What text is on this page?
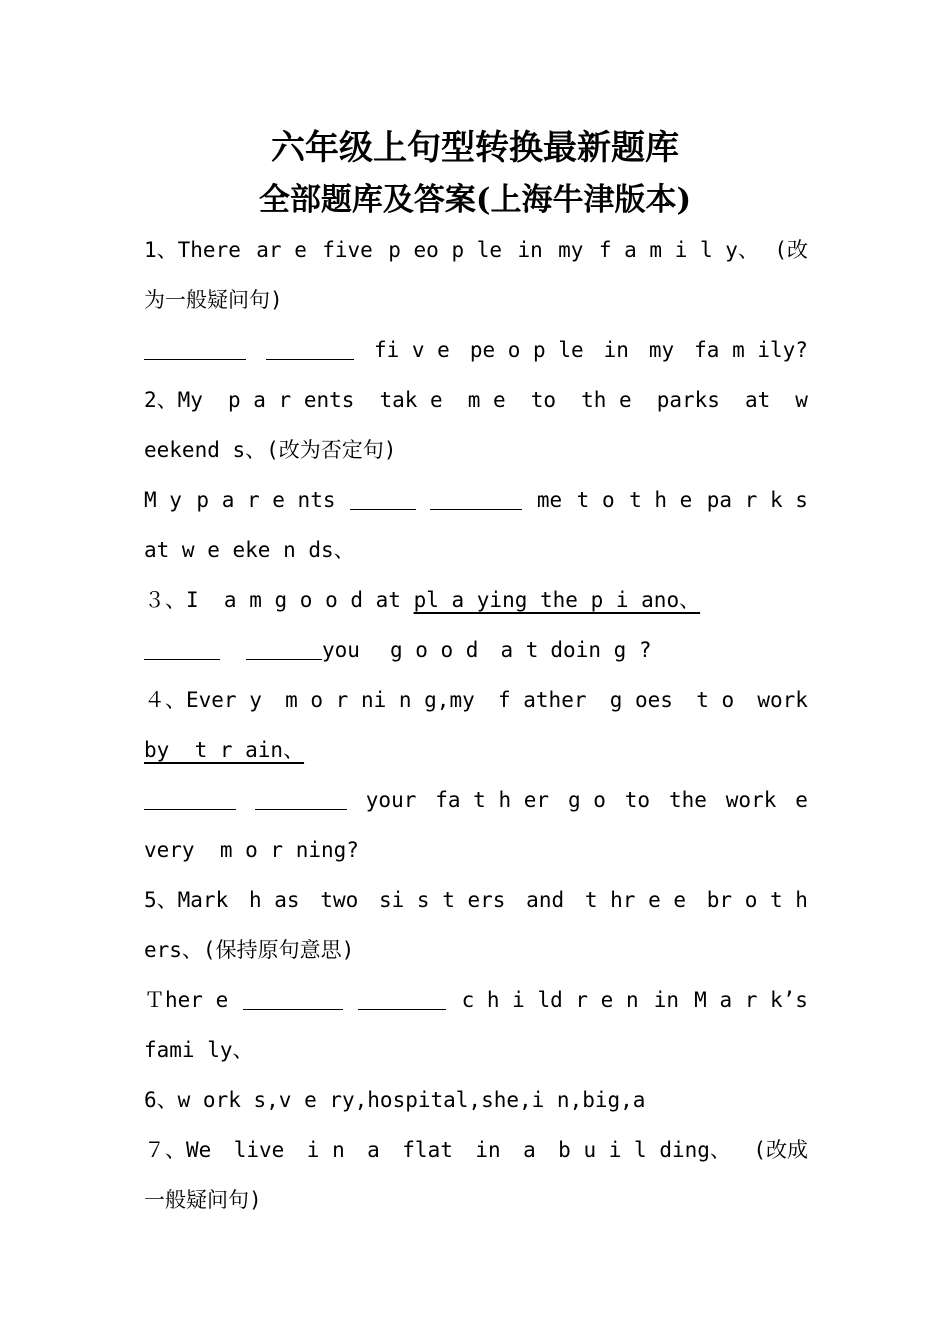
六年级上句型转换最新题库
全部题库及答案(上海牛津版本)
1、There ar e five p eo p le in my f a m i l y、 (改
为一般疑问句)
fi v e pe o p le in my fa m ily?
2、My p a r ents tak e m e to th e parks at w
eekend s、(改为否定句)
M y p a r e nts	me t o t h e pa r k s
at w e eke n ds、
３、I  a m g o o d at pl a ying the p i ano、
you g o o d a t doin g ?
４、Ever y m o r ni n g,my f ather g oes t o work
by  t r ain、
your fa t h er g o to the work e
very  m o r ning?
5、Mark h as two si s t ers and t hr e e br o t h
ers、(保持原句意思)
Ｔher e	c h i ld r e n in M a r k’s
fami ly、
6、w ork s,v e ry,hospital,she,i n,big,a
７、We live i n a flat in a b u i l ding、 (改成
一般疑问句)
